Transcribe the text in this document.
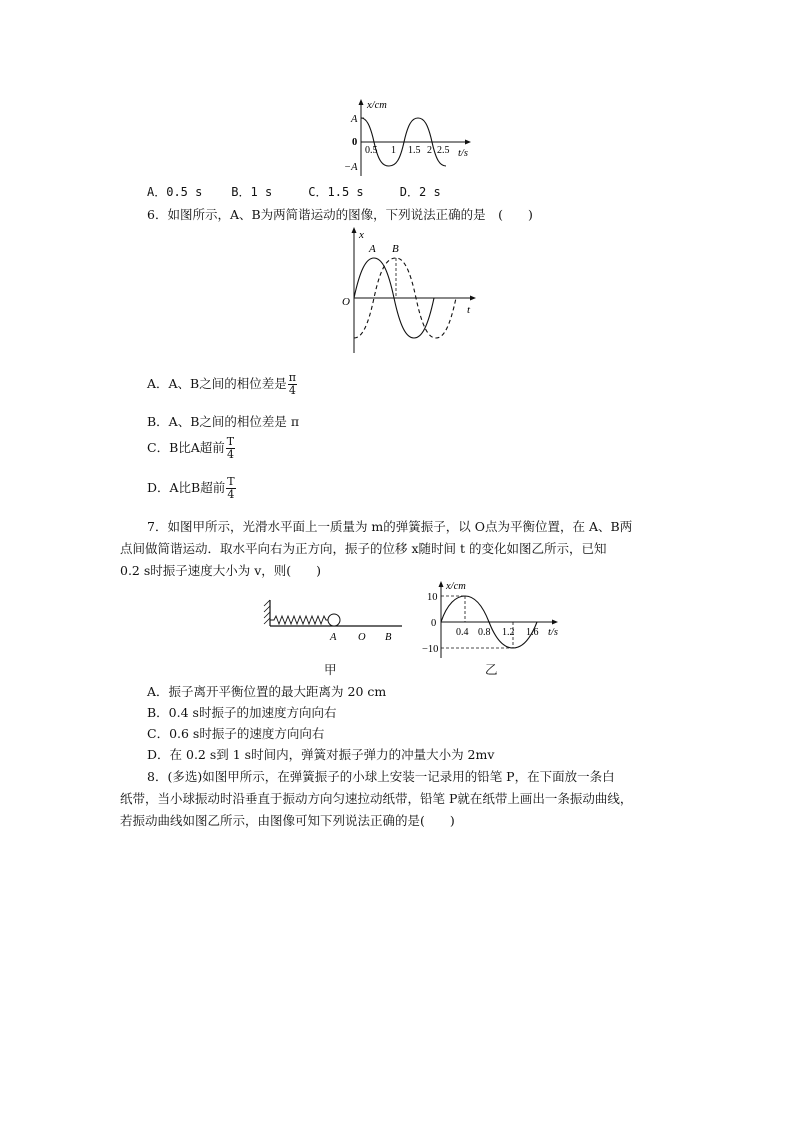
x/cm
t/s
A
−A
0
0.5 1 1.5 2 2.5
A．0.5 s B．1 s	C．1.5 s	D．2 s
6．如图所示，A、B为两简谐运动的图像，下列说法正确的是　(　　)
x
t
O
A B
A．A、B之间的相位差是 $\frac{\pi}{4}$
B．A、B之间的相位差是 π
C．B比A超前 $\frac{T}{4}$
D．A比B超前 $\frac{T}{4}$
7．如图甲所示，光滑水平面上一质量为 m的弹簧振子，以 O点为平衡位置，在 A、B两
点间做简谐运动．取水平向右为正方向，振子的位移 x随时间 t 的变化如图乙所示，已知
0.2 s时振子速度大小为 v，则(　　)
A O B
甲
x/cm
t/s
10
0
−10
0.4 0.8 1.2 1.6
乙
A．振子离开平衡位置的最大距离为 20 cm
B．0.4 s时振子的加速度方向向右
C．0.6 s时振子的速度方向向右
D．在 0.2 s到 1 s时间内，弹簧对振子弹力的冲量大小为 2mv
8．(多选)如图甲所示，在弹簧振子的小球上安装一记录用的铅笔 P，在下面放一条白
纸带，当小球振动时沿垂直于振动方向匀速拉动纸带，铅笔 P就在纸带上画出一条振动曲线，
若振动曲线如图乙所示，由图像可知下列说法正确的是(　　)
